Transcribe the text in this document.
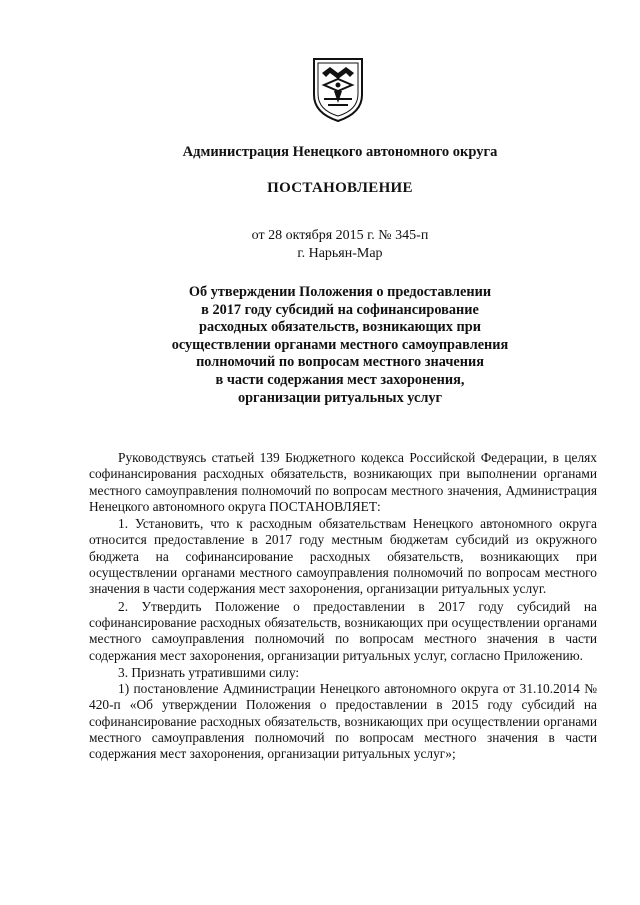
Администрация Ненецкого автономного округа
ПОСТАНОВЛЕНИЕ
от 28 октября 2015 г. № 345-п
г. Нарьян-Мар
Об утверждении Положения о предоставлении
в 2017 году субсидий на софинансирование
расходных обязательств, возникающих при
осуществлении органами местного самоуправления
полномочий по вопросам местного значения
в части содержания мест захоронения,
организации ритуальных услуг

Руководствуясь статьей 139 Бюджетного кодекса Российской Федерации, в целях софинансирования расходных обязательств, возникающих при выполнении органами местного самоуправления полномочий по вопросам местного значения, Администрация Ненецкого автономного округа ПОСТАНОВЛЯЕТ:

1. Установить, что к расходным обязательствам Ненецкого автономного округа относится предоставление в 2017 году местным бюджетам субсидий из окружного бюджета на софинансирование расходных обязательств, возникающих при осуществлении органами местного самоуправления полномочий по вопросам местного значения в части содержания мест захоронения, организации ритуальных услуг.

2. Утвердить Положение о предоставлении в 2017 году субсидий на софинансирование расходных обязательств, возникающих при осуществлении органами местного самоуправления полномочий по вопросам местного значения в части содержания мест захоронения, организации ритуальных услуг, согласно Приложению.

3. Признать утратившими силу:

1) постановление Администрации Ненецкого автономного округа от 31.10.2014 № 420-п «Об утверждении Положения о предоставлении в 2015 году субсидий на софинансирование расходных обязательств, возникающих при осуществлении органами местного самоуправления полномочий по вопросам местного значения в части содержания мест захоронения, организации ритуальных услуг»;
